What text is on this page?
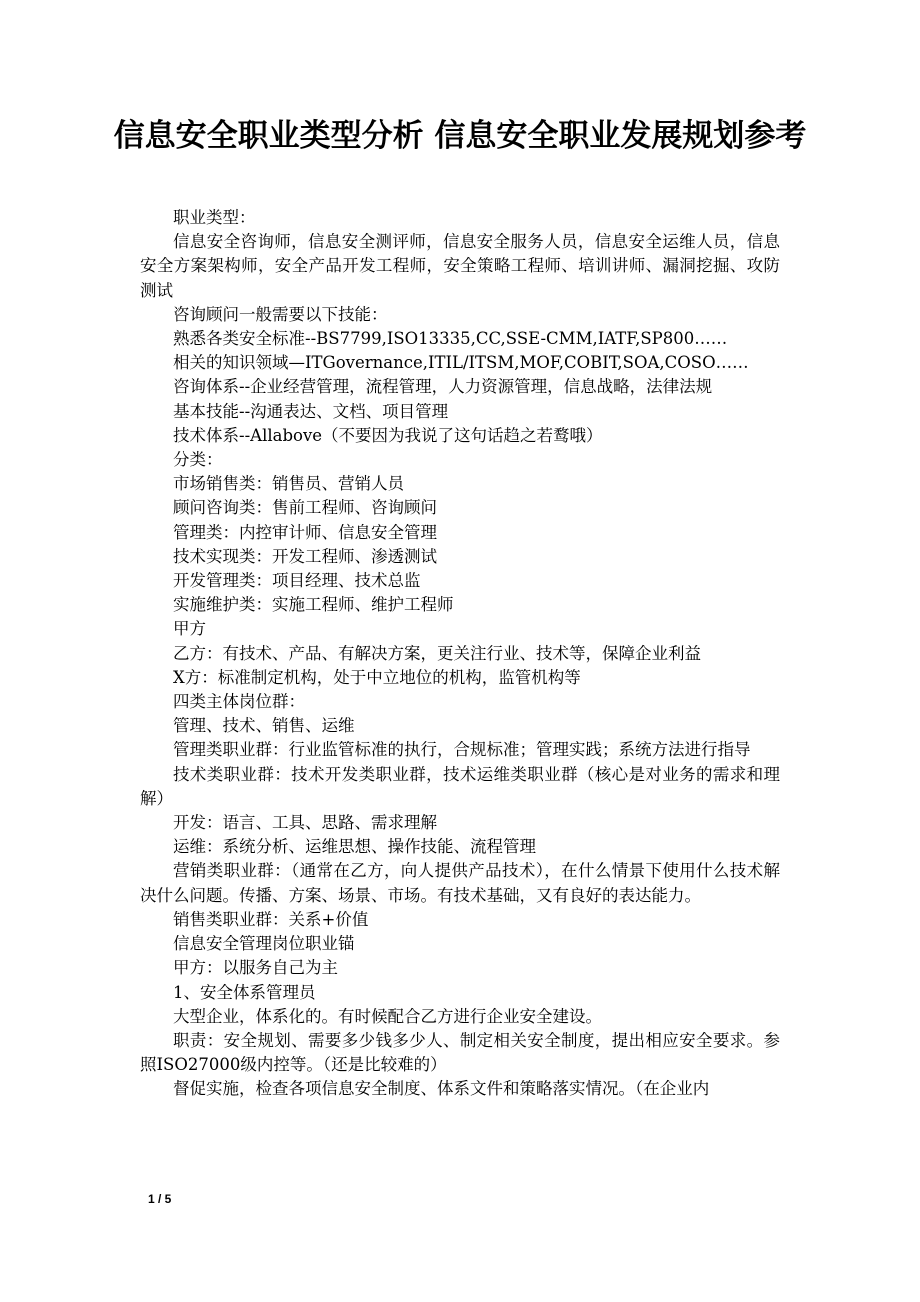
信息安全职业类型分析 信息安全职业发展规划参考

职业类型：

信息安全咨询师，信息安全测评师，信息安全服务人员，信息安全运维人员，信息安全方案架构师，安全产品开发工程师，安全策略工程师、培训讲师、漏洞挖掘、攻防测试

咨询顾问一般需要以下技能：

熟悉各类安全标准--BS7799,ISO13335,CC,SSE-CMM,IATF,SP800……

相关的知识领域—ITGovernance,ITIL/ITSM,MOF,COBIT,SOA,COSO……

咨询体系--企业经营管理，流程管理，人力资源管理，信息战略，法律法规

基本技能--沟通表达、文档、项目管理

技术体系--Allabove（不要因为我说了这句话趋之若鹜哦）

分类：

市场销售类：销售员、营销人员

顾问咨询类：售前工程师、咨询顾问

管理类：内控审计师、信息安全管理

技术实现类：开发工程师、渗透测试

开发管理类：项目经理、技术总监

实施维护类：实施工程师、维护工程师

甲方

乙方：有技术、产品、有解决方案，更关注行业、技术等，保障企业利益

X方：标准制定机构，处于中立地位的机构，监管机构等

四类主体岗位群：

管理、技术、销售、运维

管理类职业群：行业监管标准的执行，合规标准；管理实践；系统方法进行指导

技术类职业群：技术开发类职业群，技术运维类职业群（核心是对业务的需求和理解）

开发：语言、工具、思路、需求理解

运维：系统分析、运维思想、操作技能、流程管理

营销类职业群：（通常在乙方，向人提供产品技术），在什么情景下使用什么技术解决什么问题。传播、方案、场景、市场。有技术基础，又有良好的表达能力。

销售类职业群：关系+价值

信息安全管理岗位职业锚

甲方：以服务自己为主

1、安全体系管理员

大型企业，体系化的。有时候配合乙方进行企业安全建设。

职责：安全规划、需要多少钱多少人、制定相关安全制度，提出相应安全要求。参照ISO27000级内控等。（还是比较难的）

督促实施，检查各项信息安全制度、体系文件和策略落实情况。（在企业内

1 / 5
